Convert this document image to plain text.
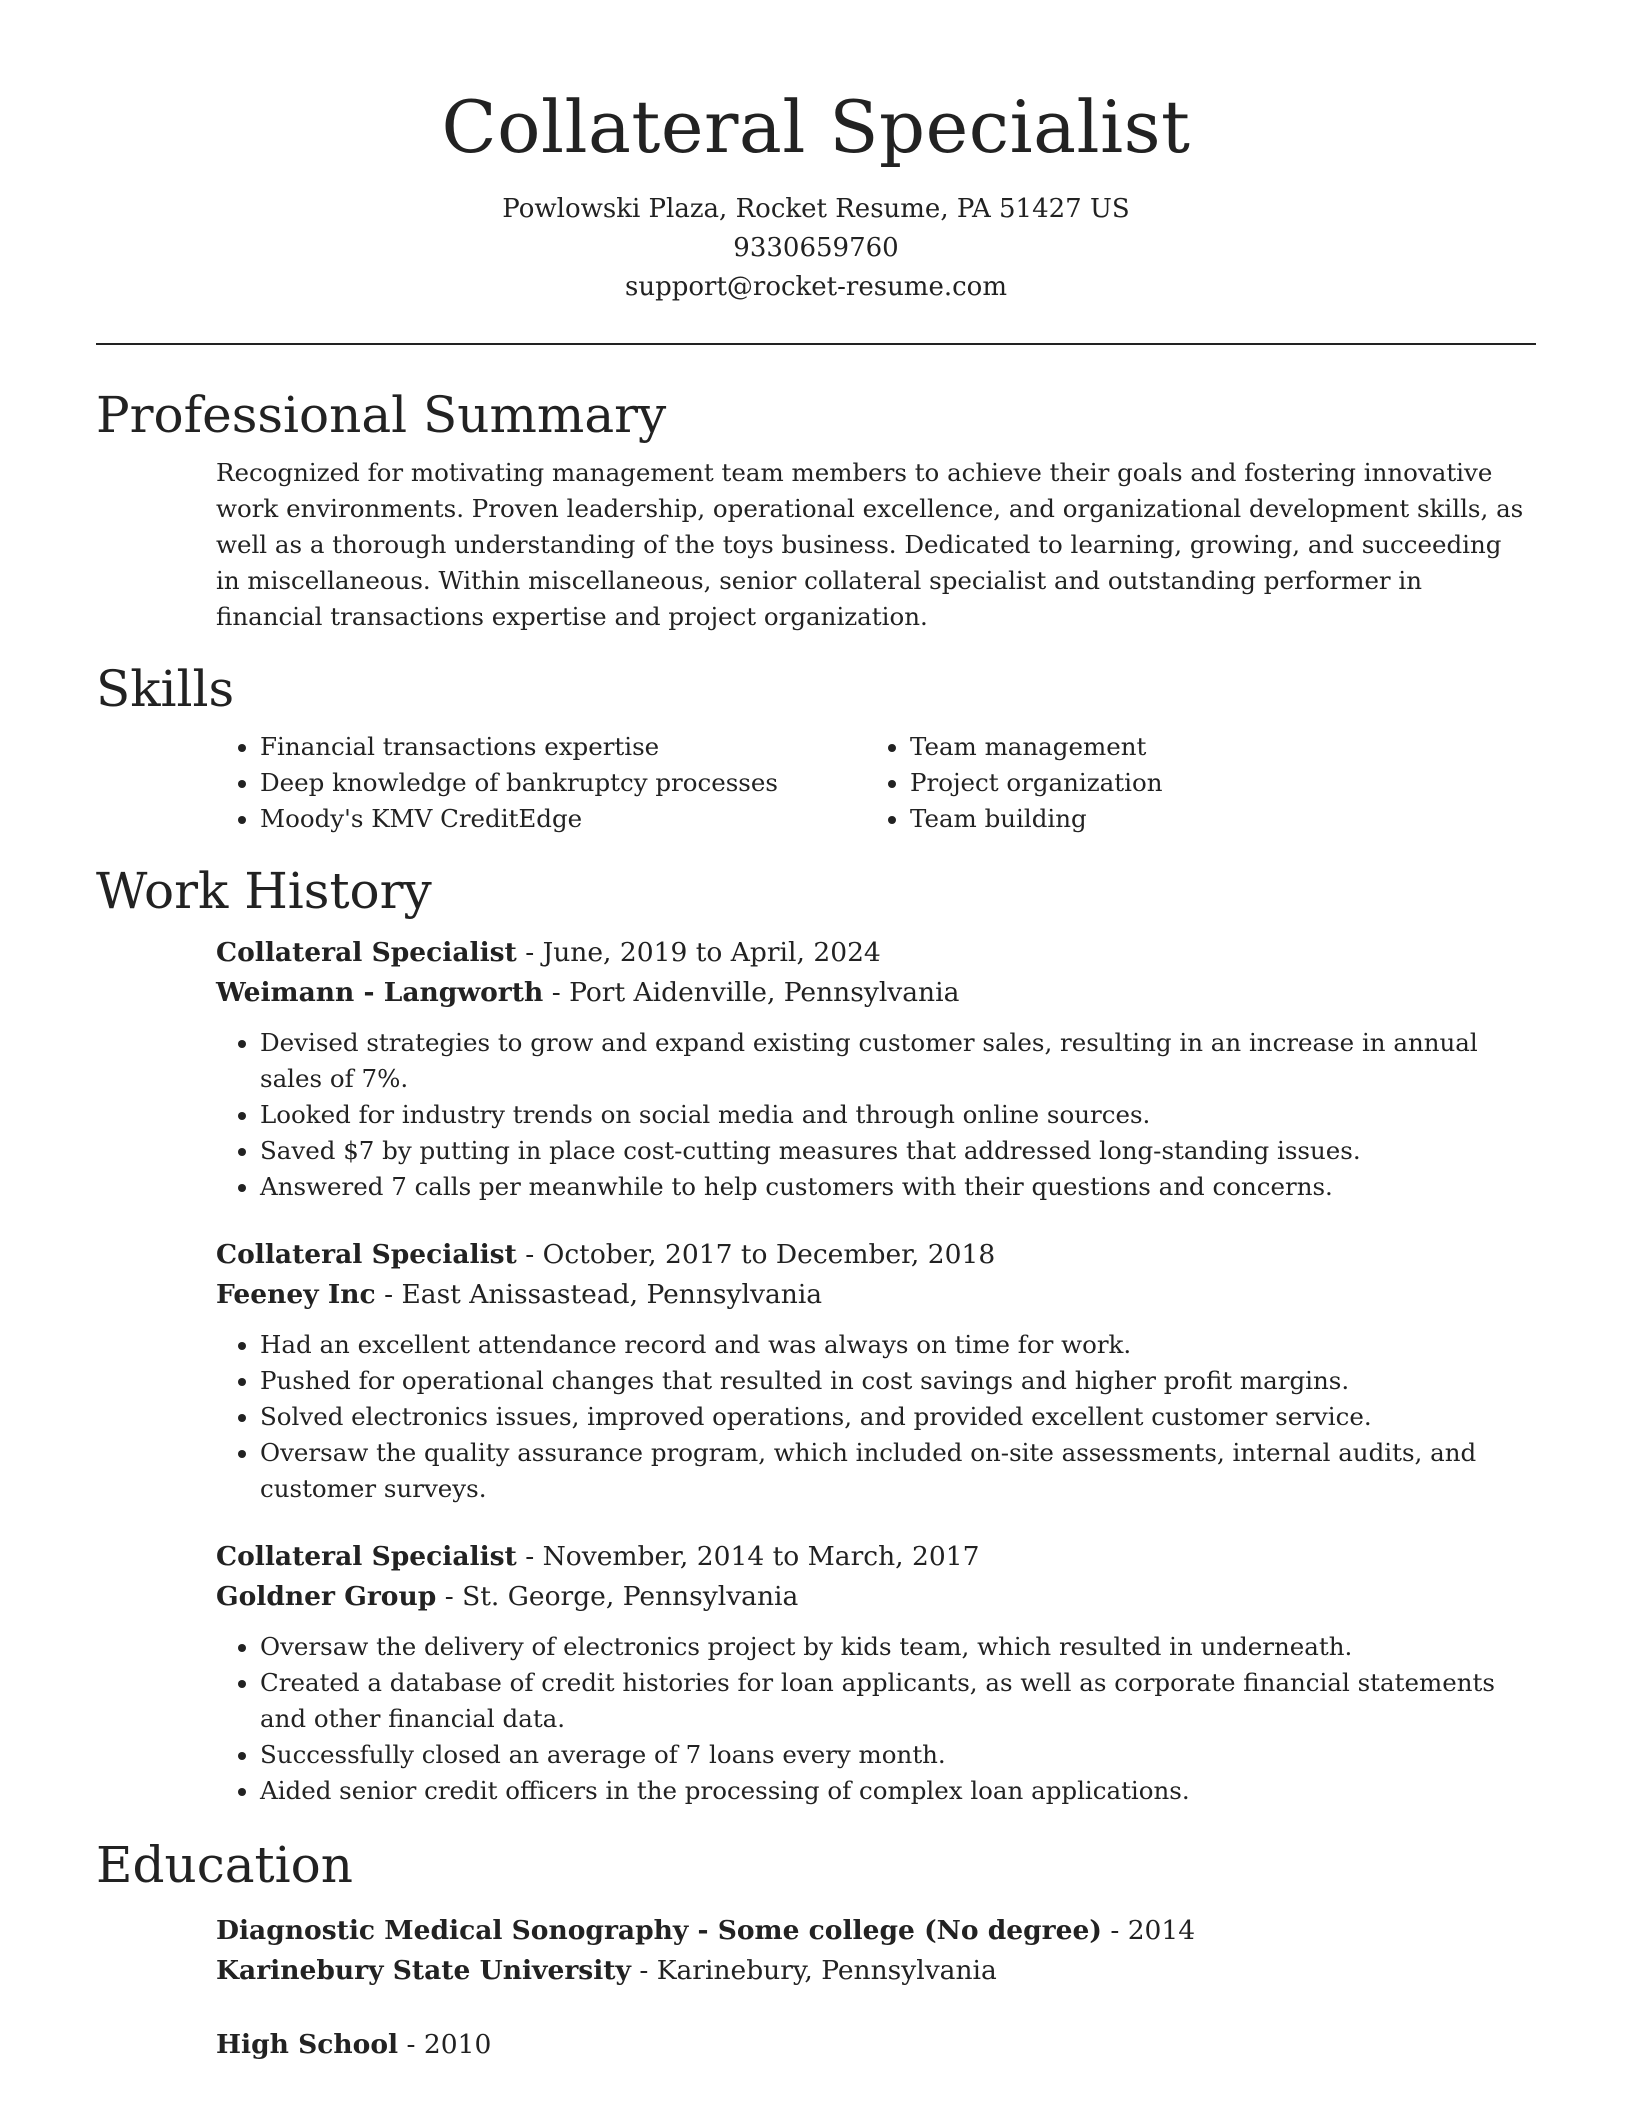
Collateral Specialist
Powlowski Plaza, Rocket Resume, PA 51427 US
9330659760
support@rocket-resume.com
Professional Summary

Recognized for motivating management team members to achieve their goals and fostering innovative work environments. Proven leadership, operational excellence, and organizational development skills, as well as a thorough understanding of the toys business. Dedicated to learning, growing, and succeeding in miscellaneous. Within miscellaneous, senior collateral specialist and outstanding performer in financial transactions expertise and project organization.

Skills
• Financial transactions expertise
• Deep knowledge of bankruptcy processes
• Moody's KMV CreditEdge
• Team management
• Project organization
• Team building
Work History
Collateral Specialist - June, 2019 to April, 2024
Weimann - Langworth - Port Aidenville, Pennsylvania
• Devised strategies to grow and expand existing customer sales, resulting in an increase in annual sales of 7%.
• Looked for industry trends on social media and through online sources.
• Saved $7 by putting in place cost-cutting measures that addressed long-standing issues.
• Answered 7 calls per meanwhile to help customers with their questions and concerns.
Collateral Specialist - October, 2017 to December, 2018
Feeney Inc - East Anissastead, Pennsylvania
• Had an excellent attendance record and was always on time for work.
• Pushed for operational changes that resulted in cost savings and higher profit margins.
• Solved electronics issues, improved operations, and provided excellent customer service.
• Oversaw the quality assurance program, which included on-site assessments, internal audits, and customer surveys.
Collateral Specialist - November, 2014 to March, 2017
Goldner Group - St. George, Pennsylvania
• Oversaw the delivery of electronics project by kids team, which resulted in underneath.
• Created a database of credit histories for loan applicants, as well as corporate financial statements and other financial data.
• Successfully closed an average of 7 loans every month.
• Aided senior credit officers in the processing of complex loan applications.
Education
Diagnostic Medical Sonography - Some college (No degree) - 2014
Karinebury State University - Karinebury, Pennsylvania
High School - 2010
